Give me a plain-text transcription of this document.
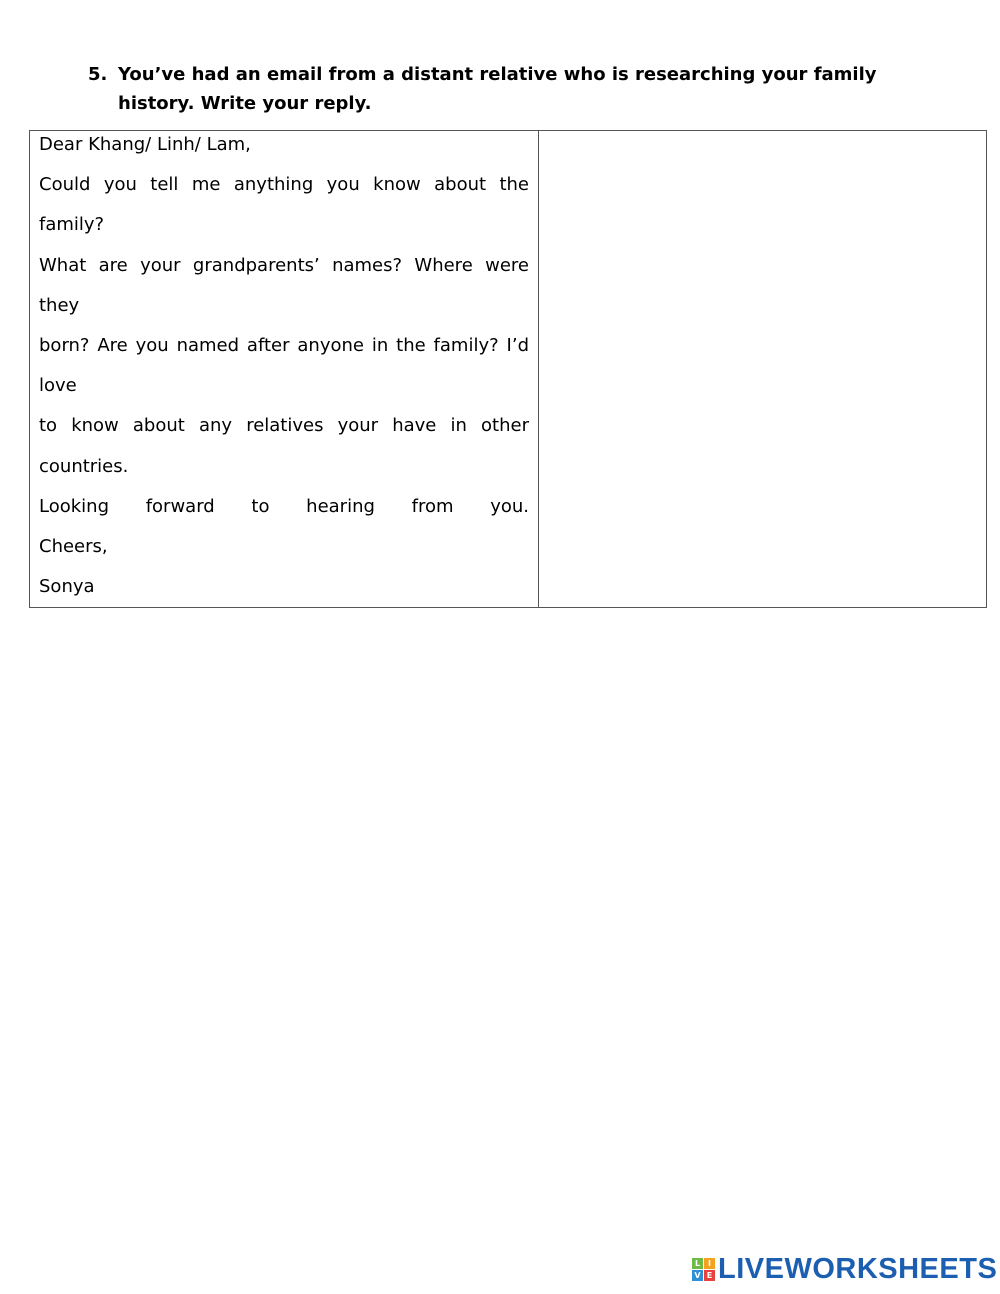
5. You’ve had an email from a distant relative who is researching your family history. Write your reply.
Dear Khang/ Linh/ Lam,
Could you tell me anything you know about the family?
What are your grandparents’ names? Where were they
born? Are you named after anyone in the family? I’d love
to know about any relatives your have in other countries.
Looking forward to hearing from you.
Cheers,
Sonya

L I
V E LIVEWORKSHEETS
